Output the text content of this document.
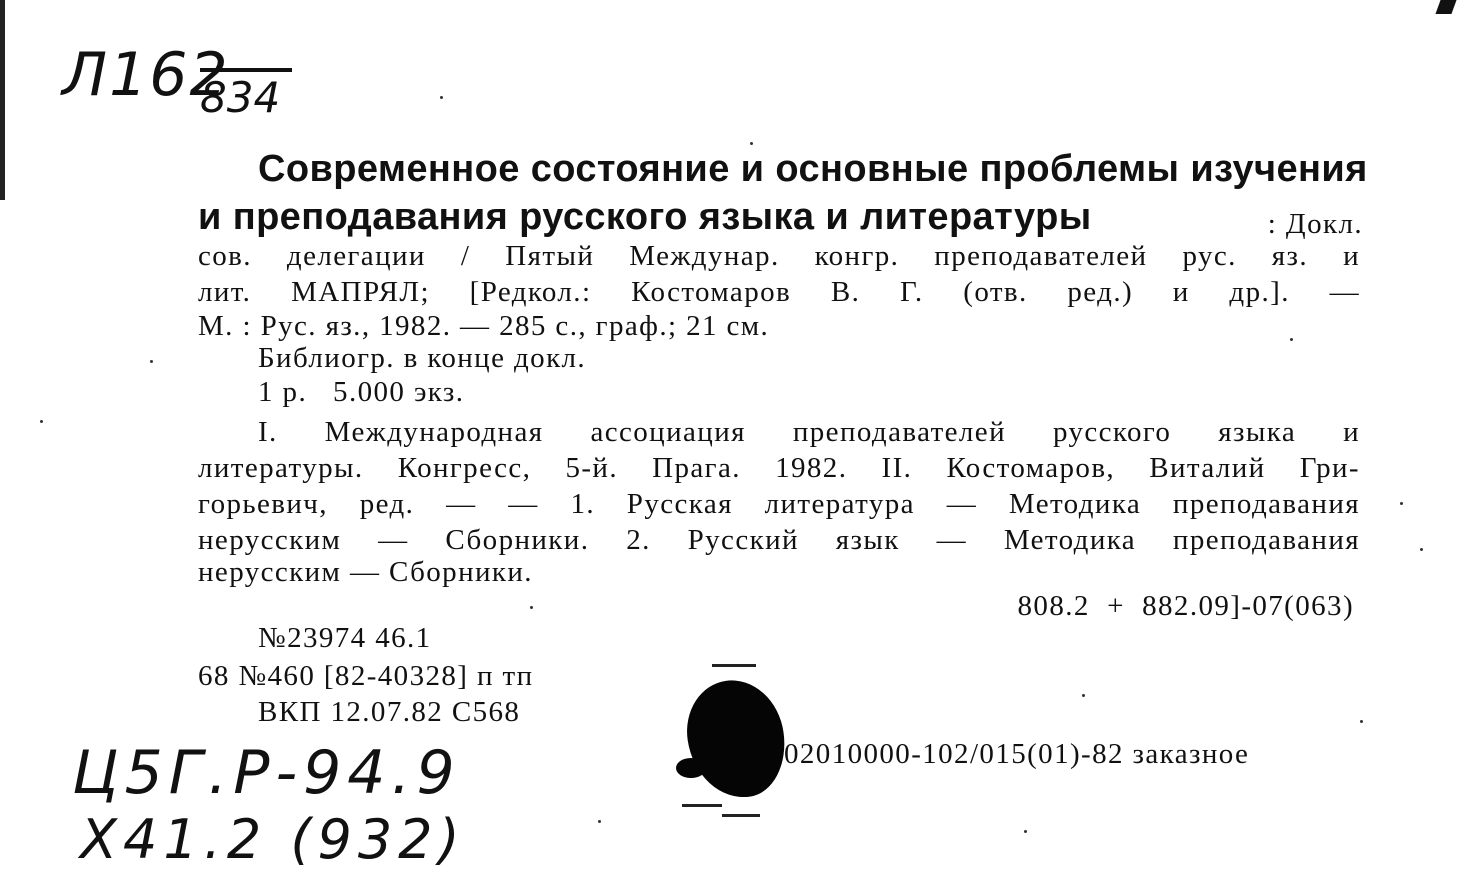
Л162
834
Современное состояние и основные проблемы изучения
и преподавания русского языка и литературы	: Докл.
сов. делегации / Пятый Междунар. конгр. преподавателей рус. яз. и
лит. МАПРЯЛ; [Редкол.: Костомаров В. Г. (отв. ред.) и др.]. —
М. : Рус. яз., 1982. — 285 с., граф.; 21 см.
Библиогр. в конце докл.
1 р.   5.000 экз.
I. Международная ассоциация преподавателей русского языка и
литературы. Конгресс, 5-й. Прага. 1982. II. Костомаров, Виталий Гри-
горьевич, ред. — — 1. Русская литература — Методика преподавания
нерусским — Сборники. 2. Русский язык — Методика преподавания
нерусским — Сборники.
808.2  +  882.09]-07(063)
№23974 46.1
68 №460 [82-40328] п тп
ВКП 12.07.82 С568
02010000-102/015(01)-82 заказное
Ц5Г.Р-94.9
Х41.2 (932)
